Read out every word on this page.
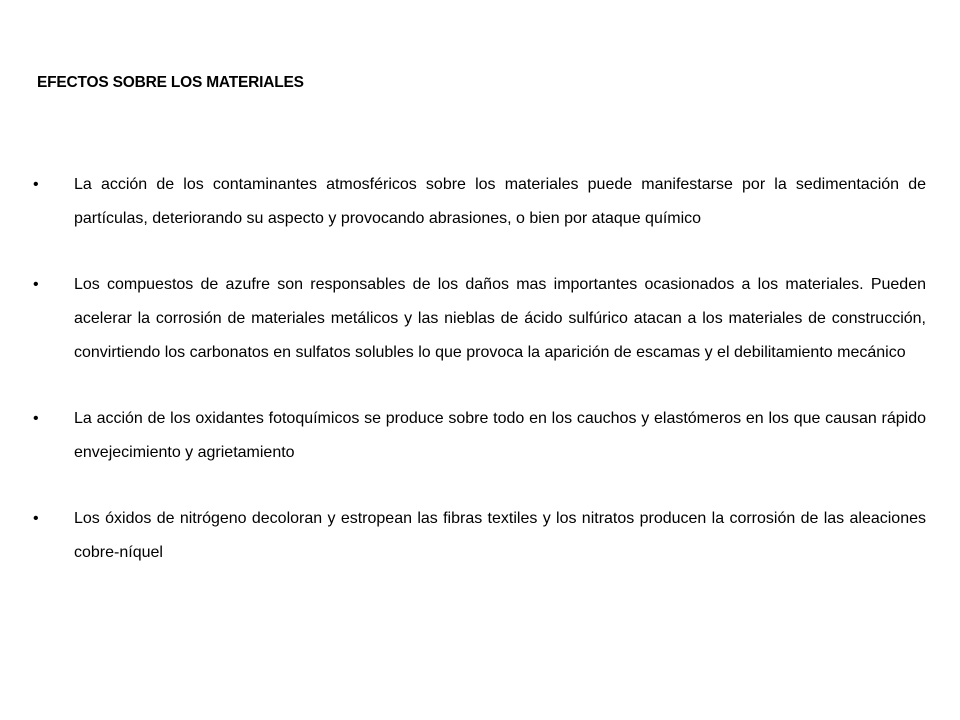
EFECTOS SOBRE LOS MATERIALES
•	La acción de los contaminantes atmosféricos sobre los materiales puede manifestarse por la sedimentación de partículas, deteriorando su aspecto y provocando abrasiones, o bien por ataque químico
•	Los compuestos de azufre son responsables de los daños mas importantes ocasionados a los materiales. Pueden acelerar la corrosión de materiales metálicos y las nieblas de ácido sulfúrico atacan a los materiales de construcción, convirtiendo los carbonatos en sulfatos solubles lo que provoca la aparición de escamas y el debilitamiento mecánico
•	La acción de los oxidantes fotoquímicos se produce sobre todo en los cauchos y elastómeros en los que causan rápido envejecimiento y agrietamiento
•	Los óxidos de nitrógeno decoloran y estropean las fibras textiles y los nitratos producen la corrosión de las aleaciones cobre-níquel
